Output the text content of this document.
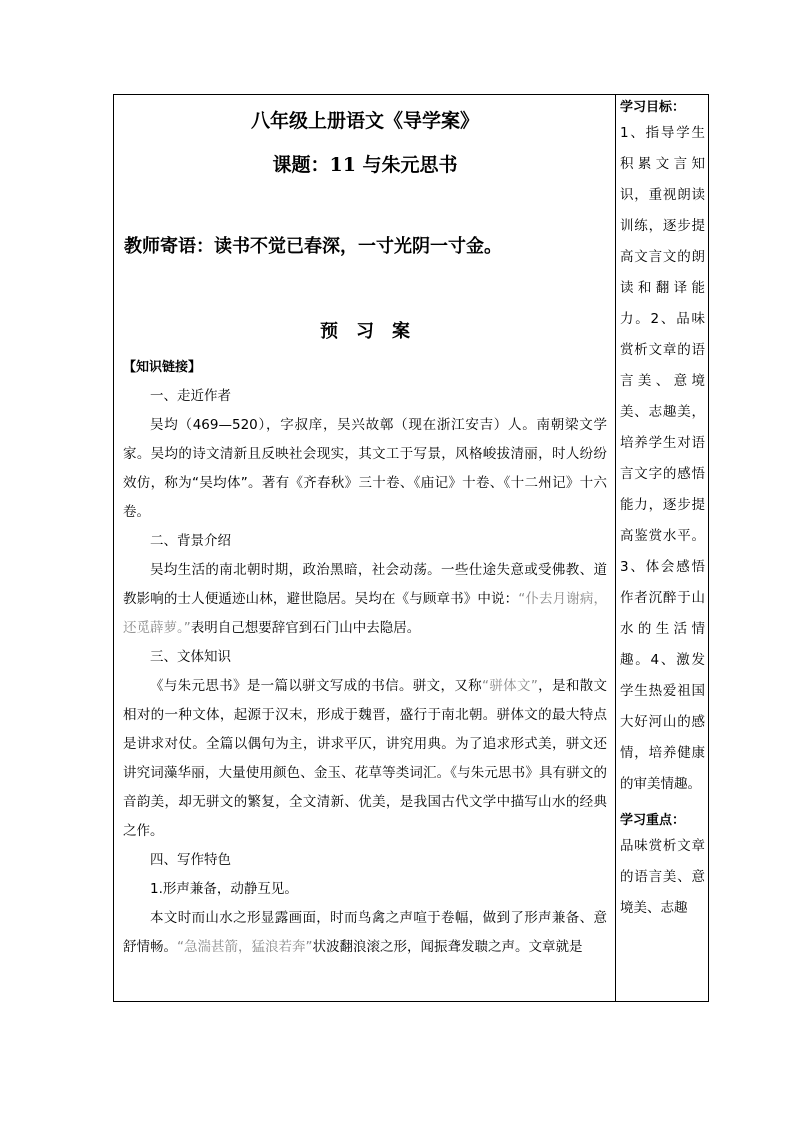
八年级上册语文《导学案》
课题：11 与朱元思书
教师寄语：读书不觉已春深，一寸光阴一寸金。
预 习 案

【知识链接】

一、走近作者

吴均（469—520），字叔庠，吴兴故鄣（现在浙江安吉）人。南朝梁文学家。吴均的诗文清新且反映社会现实，其文工于写景，风格峻拔清丽，时人纷纷效仿，称为“吴均体”。著有《齐春秋》三十卷、《庙记》十卷、《十二州记》十六卷。

二、背景介绍

吴均生活的南北朝时期，政治黑暗，社会动荡。一些仕途失意或受佛教、道教影响的士人便遁迹山林，避世隐居。吴均在《与顾章书》中说：“仆去月谢病，还觅薜萝。”表明自己想要辞官到石门山中去隐居。

三、文体知识

《与朱元思书》是一篇以骈文写成的书信。骈文，又称“骈体文”，是和散文相对的一种文体，起源于汉末，形成于魏晋，盛行于南北朝。骈体文的最大特点是讲求对仗。全篇以偶句为主，讲求平仄，讲究用典。为了追求形式美，骈文还讲究词藻华丽，大量使用颜色、金玉、花草等类词汇。《与朱元思书》具有骈文的音韵美，却无骈文的繁复，全文清新、优美，是我国古代文学中描写山水的经典之作。

四、写作特色

1.形声兼备，动静互见。

本文时而山水之形显露画面，时而鸟禽之声喧于卷幅，做到了形声兼备、意舒情畅。“急湍甚箭，猛浪若奔”状波翻浪滚之形，闻振聋发聩之声。文章就是

学习目标：

1、指导学生积累文言知识，重视朗读训练，逐步提高文言文的朗读和翻译能力。2、品味赏析文章的语言美、意境美、志趣美，培养学生对语言文字的感悟能力，逐步提高鉴赏水平。3、体会感悟作者沉醉于山水的生活情趣。4、激发学生热爱祖国大好河山的感情，培养健康的审美情趣。

学习重点：

品味赏析文章的语言美、意境美、志趣
